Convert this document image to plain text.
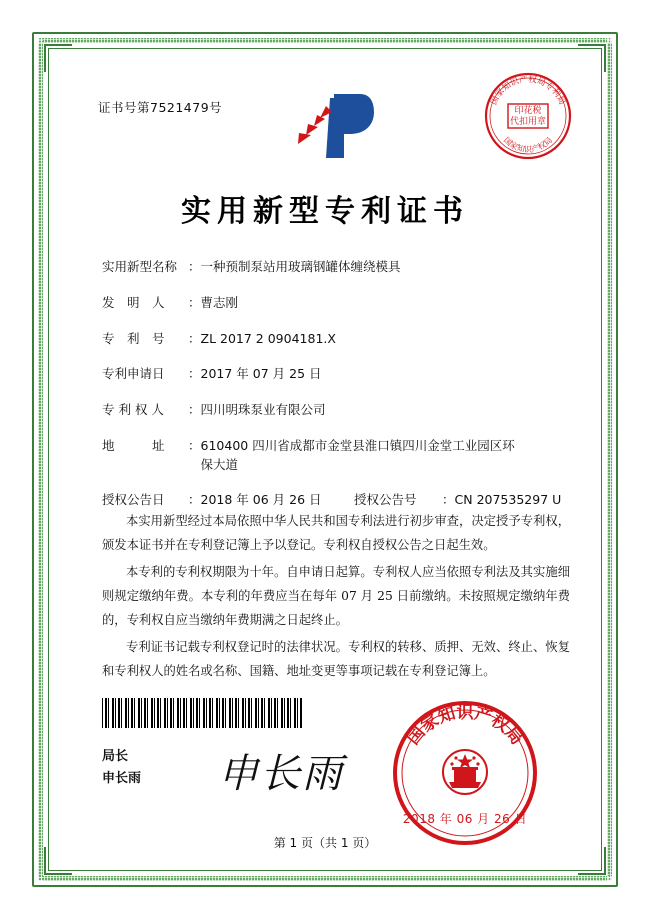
证书号第7521479号	印花税
代扣用章
国家知识产权局专利局
国家知识产权局
实用新型专利证书
实用新型名称 ： 一种预制泵站用玻璃钢罐体缠绕模具
发　明　人	： 曹志刚
专　利　号	： ZL 2017 2 0904181.X
专利申请日	： 2017 年 07 月 25 日
专 利 权 人	： 四川明珠泵业有限公司
地　　　址	： 610400 四川省成都市金堂县淮口镇四川金堂工业园区环
保大道
授权公告日	： 2018 年 06 月 26 日	授权公告号	： CN 207535297 U

本实用新型经过本局依照中华人民共和国专利法进行初步审查，决定授予专利权，颁发本证书并在专利登记簿上予以登记。专利权自授权公告之日起生效。

本专利的专利权期限为十年。自申请日起算。专利权人应当依照专利法及其实施细则规定缴纳年费。本专利的年费应当在每年 07 月 25 日前缴纳。未按照规定缴纳年费的，专利权自应当缴纳年费期满之日起终止。

专利证书记载专利权登记时的法律状况。专利权的转移、质押、无效、终止、恢复和专利权人的姓名或名称、国籍、地址变更等事项记载在专利登记簿上。

局长
申长雨 申长雨
国家知识产权局
2018 年 06 月 26 日
第 1 页（共 1 页）
